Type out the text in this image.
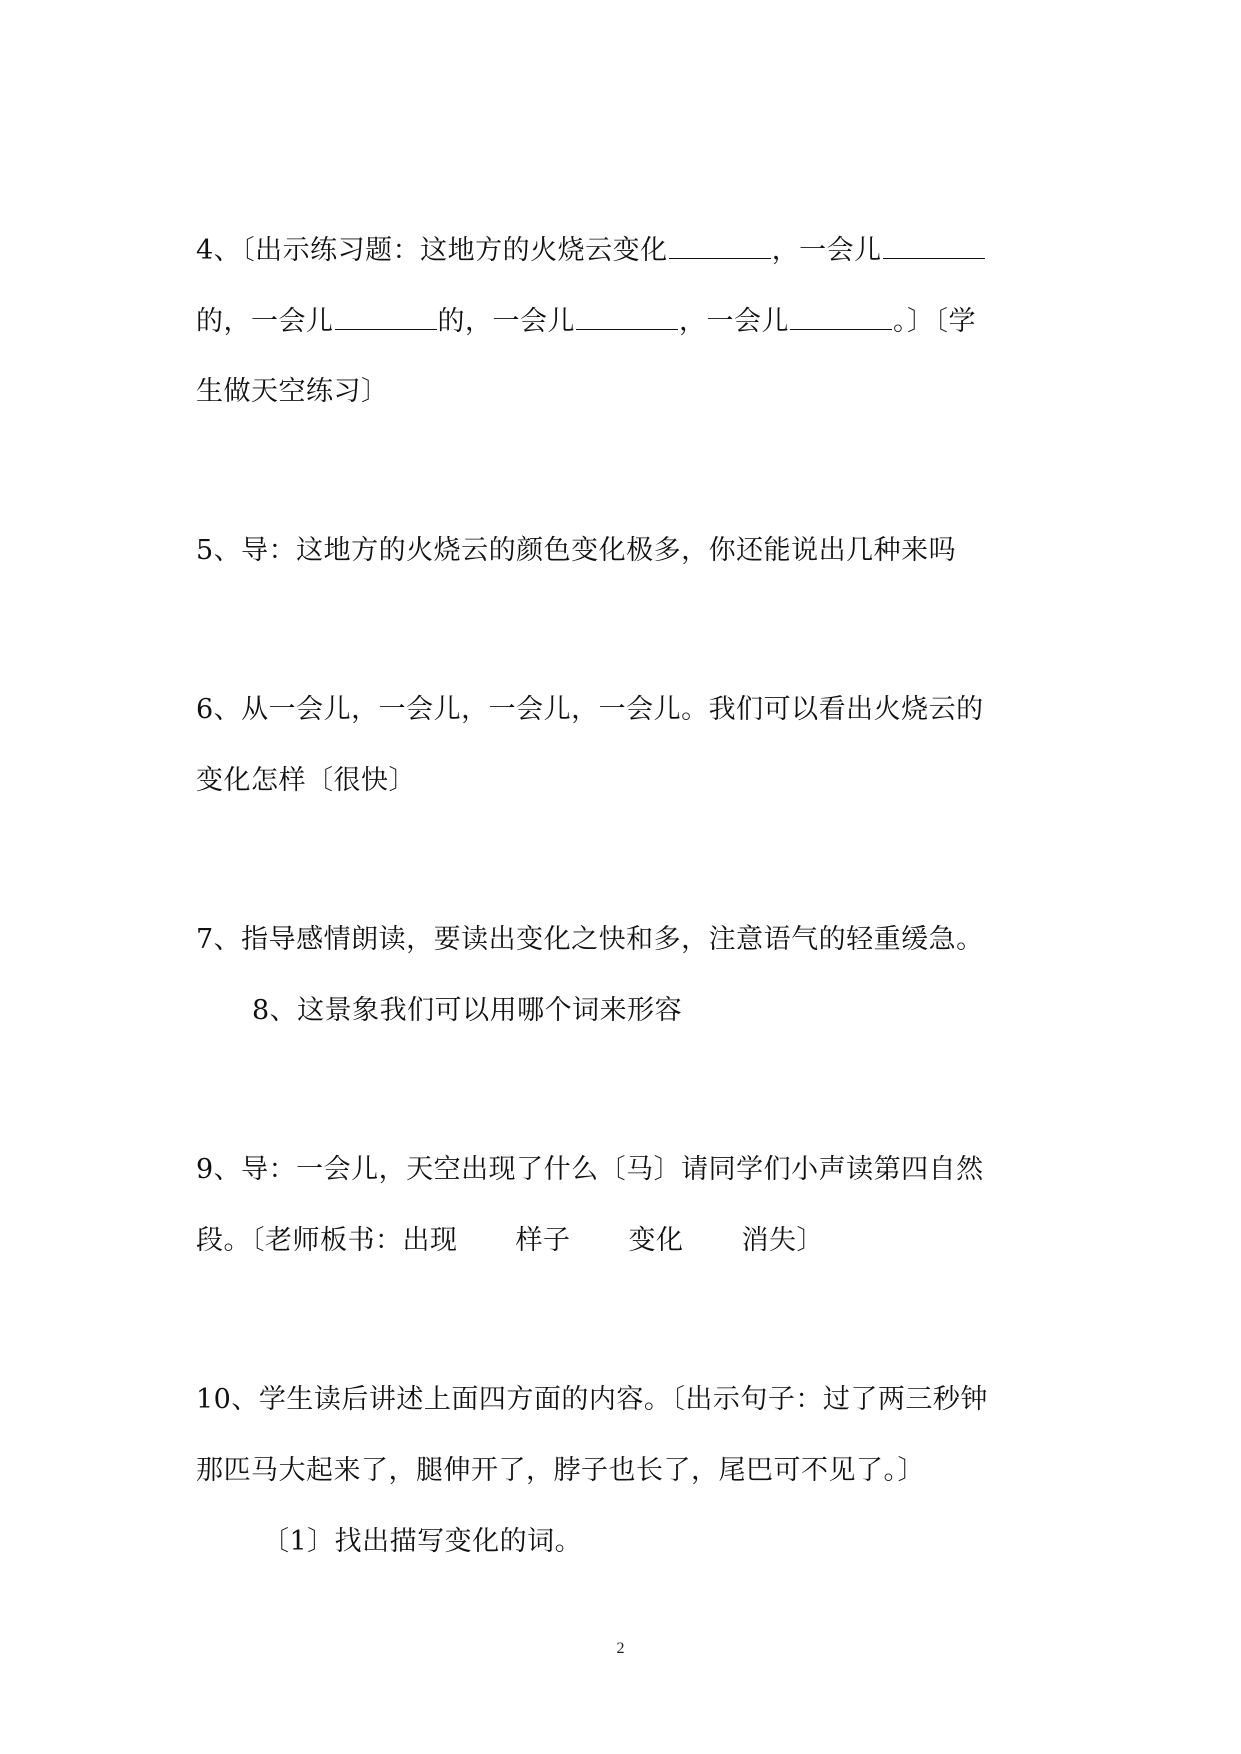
4、〔出示练习题：这地方的火烧云变化	，一会儿
的，一会儿	的，一会儿	，一会儿	。〕〔学
生做天空练习〕
5、导：这地方的火烧云的颜色变化极多，你还能说出几种来吗
6、从一会儿，一会儿，一会儿，一会儿。我们可以看出火烧云的
变化怎样〔很快〕
7、指导感情朗读，要读出变化之快和多，注意语气的轻重缓急。
8、这景象我们可以用哪个词来形容
9、导：一会儿，天空出现了什么〔马〕请同学们小声读第四自然
段。〔老师板书：出现 样子 变化 消失〕
10、学生读后讲述上面四方面的内容。〔出示句子：过了两三秒钟
那匹马大起来了，腿伸开了，脖子也长了，尾巴可不见了。〕
〔1〕找出描写变化的词。
2
